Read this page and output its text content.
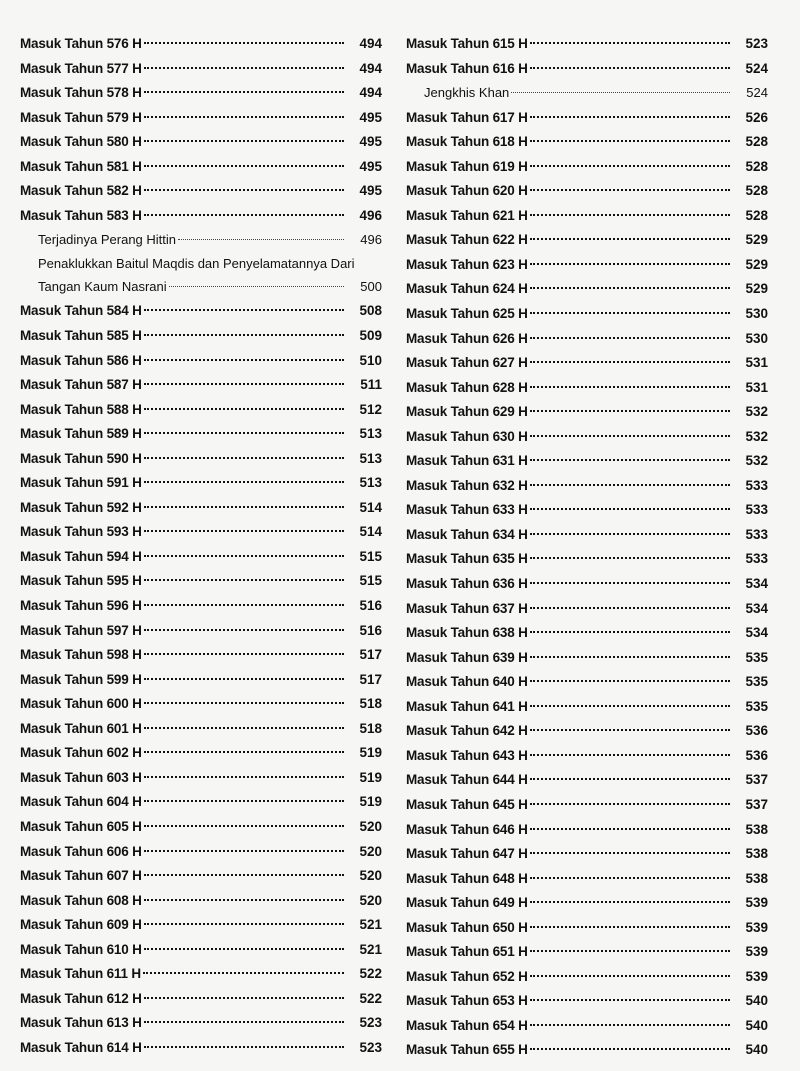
Masuk Tahun 576 H	494
Masuk Tahun 577 H	494
Masuk Tahun 578 H	494
Masuk Tahun 579 H	495
Masuk Tahun 580 H	495
Masuk Tahun 581 H	495
Masuk Tahun 582 H	495
Masuk Tahun 583 H	496
Terjadinya Perang Hittin	496
Penaklukkan Baitul Maqdis dan Penyelamatannya Dari
Tangan Kaum Nasrani	500
Masuk Tahun 584 H	508
Masuk Tahun 585 H	509
Masuk Tahun 586 H	510
Masuk Tahun 587 H	511
Masuk Tahun 588 H	512
Masuk Tahun 589 H	513
Masuk Tahun 590 H	513
Masuk Tahun 591 H	513
Masuk Tahun 592 H	514
Masuk Tahun 593 H	514
Masuk Tahun 594 H	515
Masuk Tahun 595 H	515
Masuk Tahun 596 H	516
Masuk Tahun 597 H	516
Masuk Tahun 598 H	517
Masuk Tahun 599 H	517
Masuk Tahun 600 H	518
Masuk Tahun 601 H	518
Masuk Tahun 602 H	519
Masuk Tahun 603 H	519
Masuk Tahun 604 H	519
Masuk Tahun 605 H	520
Masuk Tahun 606 H	520
Masuk Tahun 607 H	520
Masuk Tahun 608 H	520
Masuk Tahun 609 H	521
Masuk Tahun 610 H	521
Masuk Tahun 611 H	522
Masuk Tahun 612 H	522
Masuk Tahun 613 H	523
Masuk Tahun 614 H	523
Masuk Tahun 615 H	523
Masuk Tahun 616 H	524
Jengkhis Khan	524
Masuk Tahun 617 H	526
Masuk Tahun 618 H	528
Masuk Tahun 619 H	528
Masuk Tahun 620 H	528
Masuk Tahun 621 H	528
Masuk Tahun 622 H	529
Masuk Tahun 623 H	529
Masuk Tahun 624 H	529
Masuk Tahun 625 H	530
Masuk Tahun 626 H	530
Masuk Tahun 627 H	531
Masuk Tahun 628 H	531
Masuk Tahun 629 H	532
Masuk Tahun 630 H	532
Masuk Tahun 631 H	532
Masuk Tahun 632 H	533
Masuk Tahun 633 H	533
Masuk Tahun 634 H	533
Masuk Tahun 635 H	533
Masuk Tahun 636 H	534
Masuk Tahun 637 H	534
Masuk Tahun 638 H	534
Masuk Tahun 639 H	535
Masuk Tahun 640 H	535
Masuk Tahun 641 H	535
Masuk Tahun 642 H	536
Masuk Tahun 643 H	536
Masuk Tahun 644 H	537
Masuk Tahun 645 H	537
Masuk Tahun 646 H	538
Masuk Tahun 647 H	538
Masuk Tahun 648 H	538
Masuk Tahun 649 H	539
Masuk Tahun 650 H	539
Masuk Tahun 651 H	539
Masuk Tahun 652 H	539
Masuk Tahun 653 H	540
Masuk Tahun 654 H	540
Masuk Tahun 655 H	540
